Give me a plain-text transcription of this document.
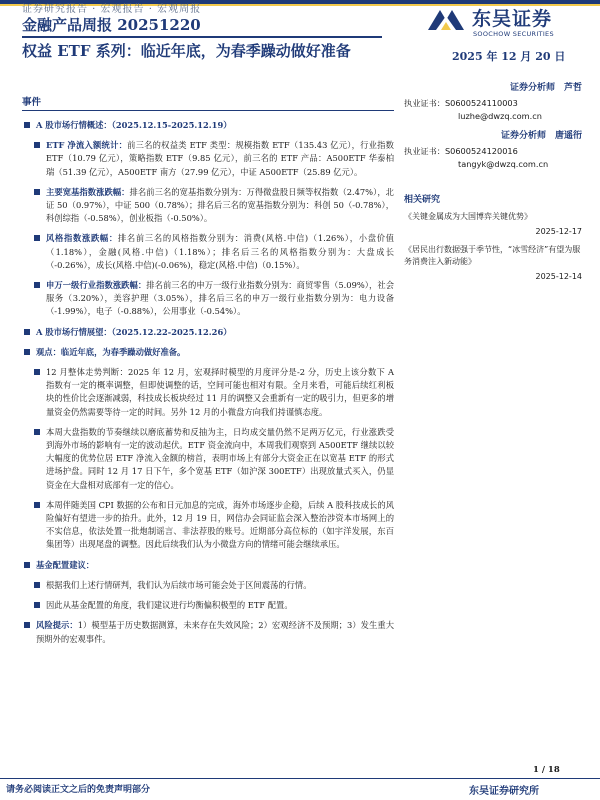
证券研究报告 · 宏观报告 · 宏观周报
金融产品周报 20251220	东吴证券
SOOCHOW SECURITIES
权益 ETF 系列：临近年底，为春季躁动做好准备	2025 年 12 月 20 日
事件
A 股市场行情概述：（2025.12.15-2025.12.19）
ETF 净流入额统计：前三名的权益类 ETF 类型：规模指数 ETF（135.43 亿元），行业指数 ETF（10.79 亿元），策略指数 ETF（9.85 亿元），前三名的 ETF 产品：A500ETF 华泰柏瑞（51.39 亿元），A500ETF 南方（27.99 亿元），中证 A500ETF（25.89 亿元）。
主要宽基指数涨跌幅：排名前三名的宽基指数分别为：万得微盘股日频等权指数（2.47%），北证 50（0.97%），中证 500（0.78%）；排名后三名的宽基指数分别为：科创 50（-0.78%），科创综指（-0.58%），创业板指（-0.50%）。
风格指数涨跌幅：排名前三名的风格指数分别为：消费(风格.中信)（1.26%），小盘价值（1.18%），金融(风格.中信)（1.18%）；排名后三名的风格指数分别为：大盘成长（-0.26%），成长(风格.中信)(-0.06%)，稳定(风格.中信)（0.15%）。
申万一级行业指数涨跌幅：排名前三名的申万一级行业指数分别为：商贸零售（5.09%），社会服务（3.20%），美容护理（3.05%），排名后三名的申万一级行业指数分别为：电力设备（-1.99%），电子（-0.88%），公用事业（-0.54%）。
A 股市场行情展望：（2025.12.22-2025.12.26）
观点：临近年底，为春季躁动做好准备。
12 月整体走势判断：2025 年 12 月，宏观择时模型的月度评分是-2 分，历史上该分数下 A 指数有一定的概率调整，但即使调整的话，空间可能也相对有限。全月来看，可能后续红利板块的性价比会逐渐减弱，科技成长板块经过 11 月的调整又会重新有一定的吸引力，但更多的增量资金仍然需要等待一定的时间。另外 12 月的小微盘方向我们持谨慎态度。
本周大盘指数的节奏继续以磨底蓄势和反抽为主，日均成交量仍然不足两万亿元，行业涨跌受到海外市场的影响有一定的波动起伏。ETF 资金流向中，本周我们观察到 A500ETF 继续以较大幅度的优势位居 ETF 净流入金额的榜首，表明市场上有部分大资金正在以宽基 ETF 的形式进场护盘。同时 12 月 17 日下午，多个宽基 ETF（如沪深 300ETF）出现放量式买入，仍显资金在大盘相对底部有一定的信心。
本周伴随美国 CPI 数据的公布和日元加息的完成，海外市场逐步企稳，后续 A 股科技成长的风险偏好有望进一步的抬升。此外，12 月 19 日，网信办会同证监会深入整治涉资本市场网上的不实信息，依法处置一批炮制谣言、非法荐股的账号。近期部分高位标的（如宇洋发展，东百集团等）出现尾盘的调整。因此后续我们认为小微盘方向的情绪可能会继续承压。
基金配置建议：
根据我们上述行情研判，我们认为后续市场可能会处于区间震荡的行情。
因此从基金配置的角度，我们建议进行均衡偏积极型的 ETF 配置。
风险提示：1）模型基于历史数据测算，未来存在失效风险；2）宏观经济不及预期；3）发生重大预期外的宏观事件。
证券分析师　芦哲
执业证书：S0600524110003
luzhe@dwzq.com.cn
证券分析师　唐遥衎
执业证书：S0600524120016
tangyk@dwzq.com.cn
相关研究
《关键金属成为大国博弈关键优势》
2025-12-17
《居民出行数据强于季节性，“冰雪经济”有望为服务消费注入新动能》
2025-12-14
1 / 18
请务必阅读正文之后的免责声明部分	东吴证券研究所
